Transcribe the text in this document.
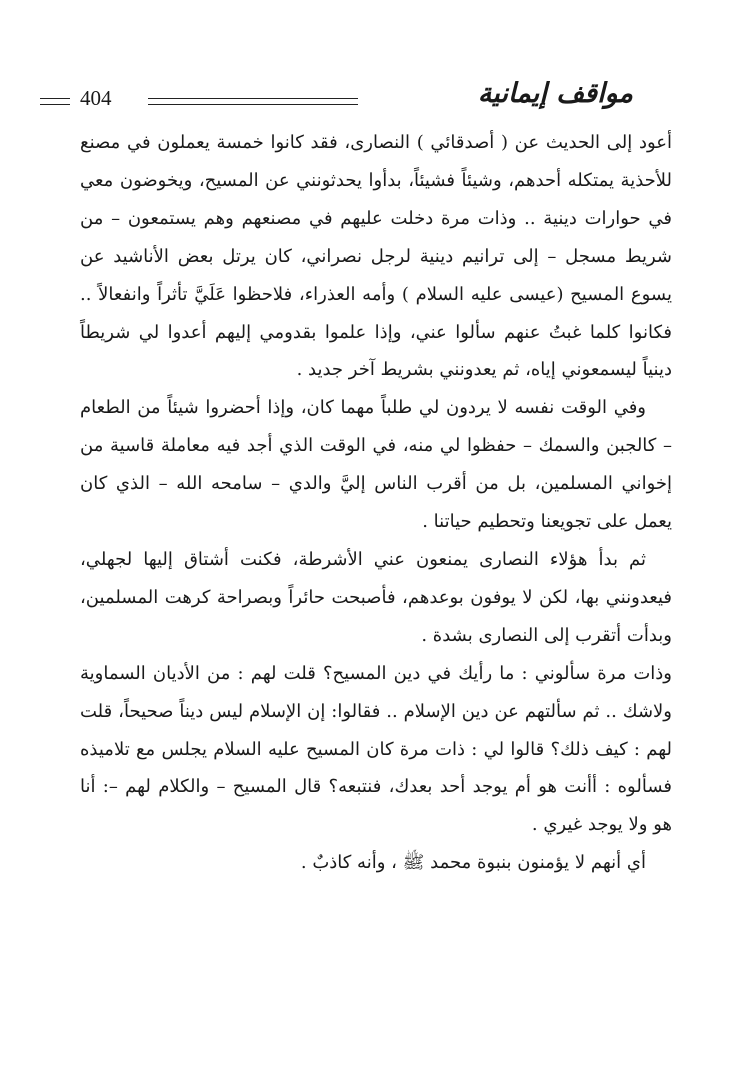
مواقف إيمانية
404

أعود إلى الحديث عن ( أصدقائي ) النصارى، فقد كانوا خمسة يعملون في مصنع للأحذية يمتكله أحدهم، وشيئاً فشيئاً، بدأوا يحدثونني عن المسيح، ويخوضون معي في حوارات دينية .. وذات مرة دخلت عليهم في مصنعهم وهم يستمعون – من شريط مسجل – إلى ترانيم دينية لرجل نصراني، كان يرتل بعض الأناشيد عن يسوع المسيح (عيسى عليه السلام ) وأمه العذراء، فلاحظوا عَلَيَّ تأثراً وانفعالاً .. فكانوا كلما غبتُ عنهم سألوا عني، وإذا علموا بقدومي إليهم أعدوا لي شريطاً دينياً ليسمعوني إياه، ثم يعدونني بشريط آخر جديد .

وفي الوقت نفسه لا يردون لي طلباً مهما كان، وإذا أحضروا شيئاً من الطعام – كالجبن والسمك – حفظوا لي منه، في الوقت الذي أجد فيه معاملة قاسية من إخواني المسلمين، بل من أقرب الناس إليَّ والدي – سامحه الله – الذي كان يعمل على تجويعنا وتحطيم حياتنا .

ثم بدأ هؤلاء النصارى يمنعون عني الأشرطة، فكنت أشتاق إليها لجهلي، فيعدونني بها، لكن لا يوفون بوعدهم، فأصبحت حائراً وبصراحة كرهت المسلمين، وبدأت أتقرب إلى النصارى بشدة .

وذات مرة سألوني : ما رأيك في دين المسيح؟ قلت لهم : من الأديان السماوية ولاشك .. ثم سألتهم عن دين الإسلام .. فقالوا: إن الإسلام ليس ديناً صحيحاً، قلت لهم : كيف ذلك؟ قالوا لي : ذات مرة كان المسيح عليه السلام يجلس مع تلاميذه فسألوه : أأنت هو أم يوجد أحد بعدك، فنتبعه؟ قال المسيح – والكلام لهم –: أنا هو ولا يوجد غيري .

أي أنهم لا يؤمنون بنبوة محمد ﷺ ، وأنه كاذبٌ .
